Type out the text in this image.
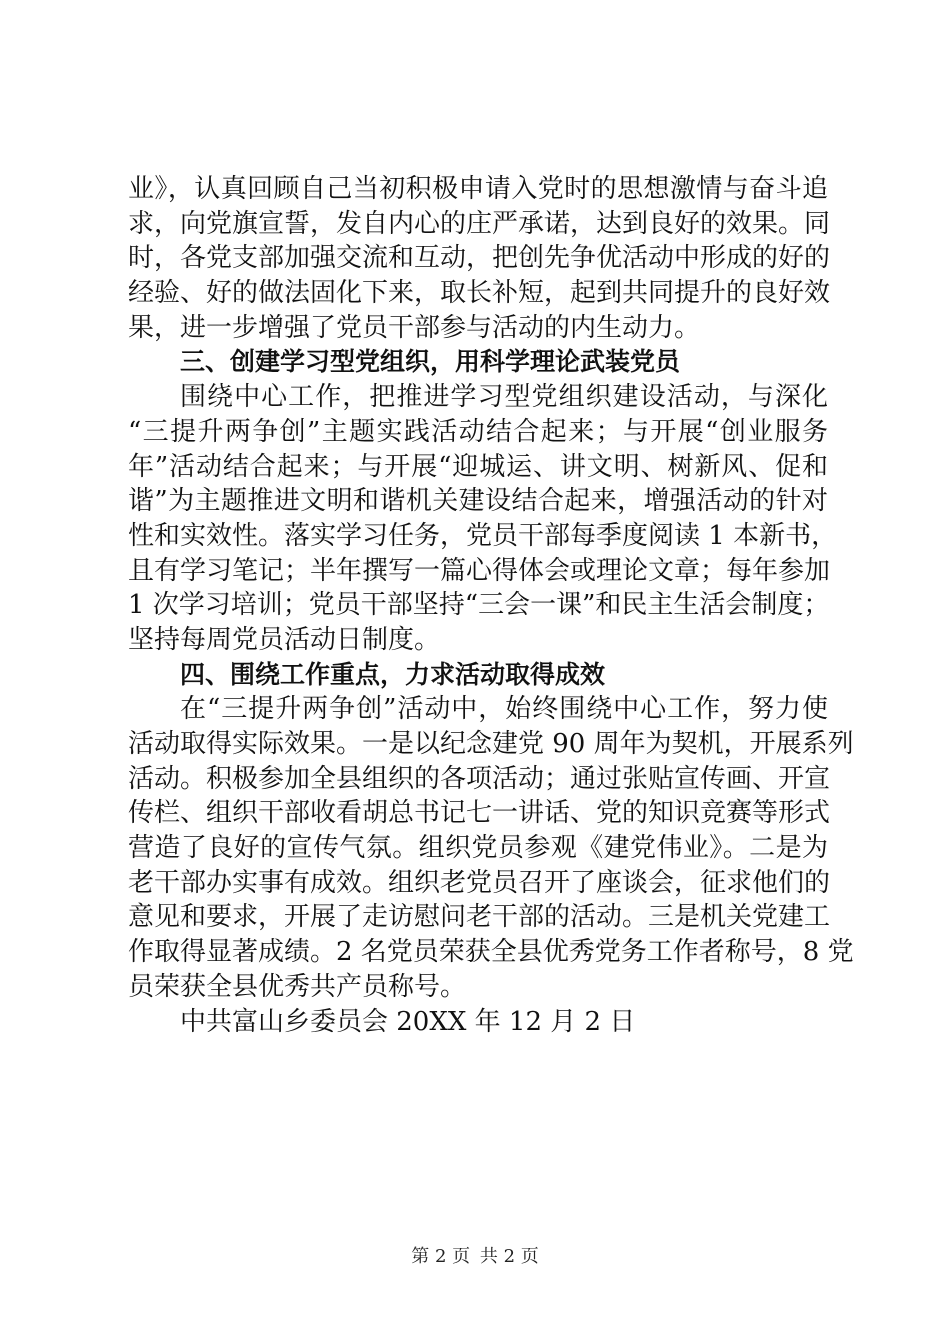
业》，认真回顾自己当初积极申请入党时的思想激情与奋斗追
求，向党旗宣誓，发自内心的庄严承诺，达到良好的效果。同
时，各党支部加强交流和互动，把创先争优活动中形成的好的
经验、好的做法固化下来，取长补短，起到共同提升的良好效
果，进一步增强了党员干部参与活动的内生动力。
三、创建学习型党组织，用科学理论武装党员
围绕中心工作，把推进学习型党组织建设活动，与深化
“三提升两争创”主题实践活动结合起来；与开展“创业服务
年”活动结合起来；与开展“迎城运、讲文明、树新风、促和
谐”为主题推进文明和谐机关建设结合起来，增强活动的针对
性和实效性。落实学习任务，党员干部每季度阅读 1 本新书，
且有学习笔记；半年撰写一篇心得体会或理论文章；每年参加
1 次学习培训；党员干部坚持“三会一课”和民主生活会制度；
坚持每周党员活动日制度。
四、围绕工作重点，力求活动取得成效
在“三提升两争创”活动中，始终围绕中心工作，努力使
活动取得实际效果。一是以纪念建党 90 周年为契机，开展系列
活动。积极参加全县组织的各项活动；通过张贴宣传画、开宣
传栏、组织干部收看胡总书记七一讲话、党的知识竞赛等形式
营造了良好的宣传气氛。组织党员参观《建党伟业》。二是为
老干部办实事有成效。组织老党员召开了座谈会，征求他们的
意见和要求，开展了走访慰问老干部的活动。三是机关党建工
作取得显著成绩。2 名党员荣获全县优秀党务工作者称号，8 党
员荣获全县优秀共产员称号。
中共富山乡委员会 20XX 年 12 月 2 日
第 2 页 共 2 页
